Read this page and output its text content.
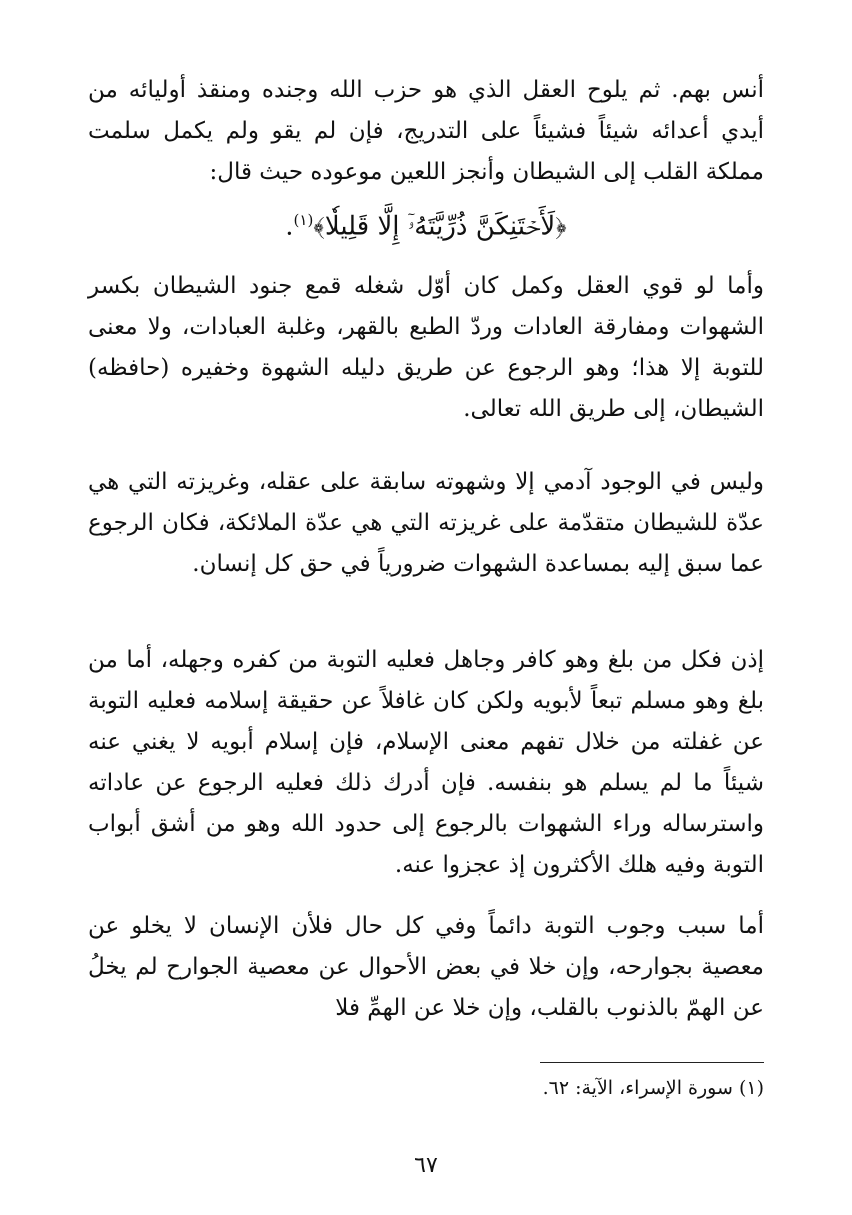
أنس بهم. ثم يلوح العقل الذي هو حزب الله وجنده ومنقذ أوليائه من أيدي أعدائه شيئاً فشيئاً على التدريج، فإن لم يقو ولم يكمل سلمت مملكة القلب إلى الشيطان وأنجز اللعين موعوده حيث قال:

﴿لَأَحۡتَنِكَنَّ ذُرِّيَّتَهُۥٓ إِلَّا قَلِيلٗا﴾$^{(١)}$.

وأما لو قوي العقل وكمل كان أوّل شغله قمع جنود الشيطان بكسر الشهوات ومفارقة العادات وردّ الطبع بالقهر، وغلبة العبادات، ولا معنى للتوبة إلا هذا؛ وهو الرجوع عن طريق دليله الشهوة وخفيره (حافظه) الشيطان، إلى طريق الله تعالى.

وليس في الوجود آدمي إلا وشهوته سابقة على عقله، وغريزته التي هي عدّة للشيطان متقدّمة على غريزته التي هي عدّة الملائكة، فكان الرجوع عما سبق إليه بمساعدة الشهوات ضرورياً في حق كل إنسان.

إذن فكل من بلغ وهو كافر وجاهل فعليه التوبة من كفره وجهله، أما من بلغ وهو مسلم تبعاً لأبويه ولكن كان غافلاً عن حقيقة إسلامه فعليه التوبة عن غفلته من خلال تفهم معنى الإسلام، فإن إسلام أبويه لا يغني عنه شيئاً ما لم يسلم هو بنفسه. فإن أدرك ذلك فعليه الرجوع عن عاداته واسترساله وراء الشهوات بالرجوع إلى حدود الله وهو من أشق أبواب التوبة وفيه هلك الأكثرون إذ عجزوا عنه.

أما سبب وجوب التوبة دائماً وفي كل حال فلأن الإنسان لا يخلو عن معصية بجوارحه، وإن خلا في بعض الأحوال عن معصية الجوارح لم يخلُ عن الهمّ بالذنوب بالقلب، وإن خلا عن الهمِّ فلا

(١) سورة الإسراء، الآية: ٦٢.
٦٧
